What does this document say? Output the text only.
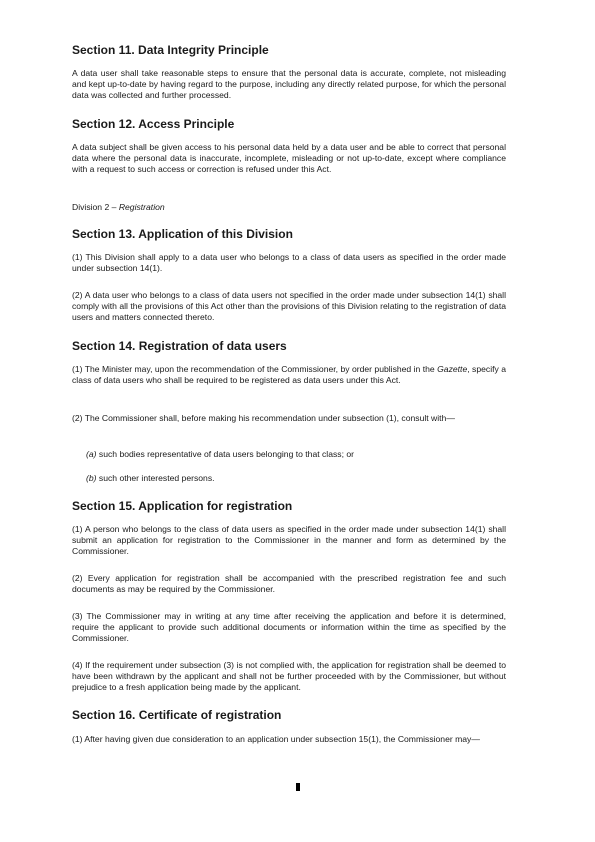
Section 11. Data Integrity Principle

A data user shall take reasonable steps to ensure that the personal data is accurate, complete, not misleading and kept up-to-date by having regard to the purpose, including any directly related purpose, for which the personal data was collected and further processed.

Section 12. Access Principle

A data subject shall be given access to his personal data held by a data user and be able to correct that personal data where the personal data is inaccurate, incomplete, misleading or not up-to-date, except where compliance with a request to such access or correction is refused under this Act.

Division 2 – Registration
Section 13. Application of this Division

(1) This Division shall apply to a data user who belongs to a class of data users as specified in the order made under subsection 14(1).

(2) A data user who belongs to a class of data users not specified in the order made under subsection 14(1) shall comply with all the provisions of this Act other than the provisions of this Division relating to the registration of data users and matters connected thereto.

Section 14. Registration of data users

(1) The Minister may, upon the recommendation of the Commissioner, by order published in the Gazette, specify a class of data users who shall be required to be registered as data users under this Act.

(2) The Commissioner shall, before making his recommendation under subsection (1), consult with—

(a) such bodies representative of data users belonging to that class; or

(b) such other interested persons.

Section 15. Application for registration

(1) A person who belongs to the class of data users as specified in the order made under subsection 14(1) shall submit an application for registration to the Commissioner in the manner and form as determined by the Commissioner.

(2) Every application for registration shall be accompanied with the prescribed registration fee and such documents as may be required by the Commissioner.

(3) The Commissioner may in writing at any time after receiving the application and before it is determined, require the applicant to provide such additional documents or information within the time as specified by the Commissioner.

(4) If the requirement under subsection (3) is not complied with, the application for registration shall be deemed to have been withdrawn by the applicant and shall not be further proceeded with by the Commissioner, but without prejudice to a fresh application being made by the applicant.

Section 16. Certificate of registration

(1) After having given due consideration to an application under subsection 15(1), the Commissioner may—
